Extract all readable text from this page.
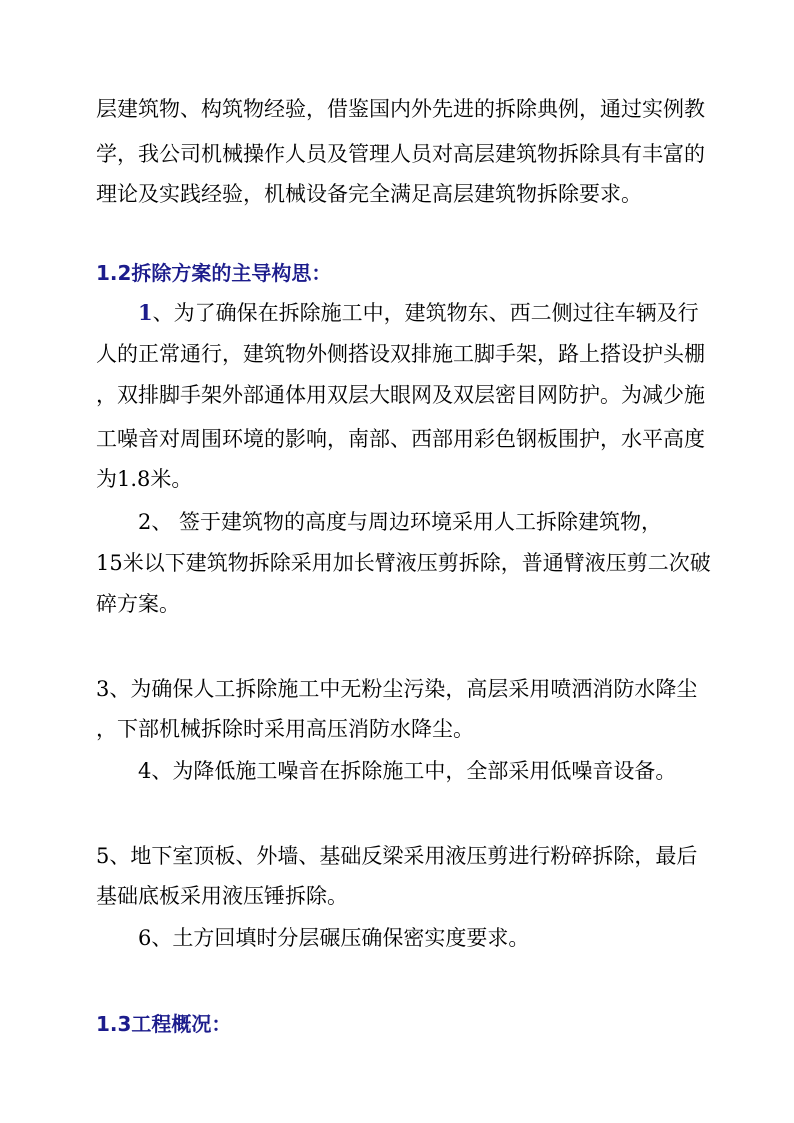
层建筑物、构筑物经验，借鉴国内外先进的拆除典例，通过实例教
学，我公司机械操作人员及管理人员对高层建筑物拆除具有丰富的
理论及实践经验，机械设备完全满足高层建筑物拆除要求。
1.2拆除方案的主导构思：
1、为了确保在拆除施工中，建筑物东、西二侧过往车辆及行
人的正常通行，建筑物外侧搭设双排施工脚手架，路上搭设护头棚
，双排脚手架外部通体用双层大眼网及双层密目网防护。为减少施
工噪音对周围环境的影响，南部、西部用彩色钢板围护，水平高度
为1.8米。
2、 签于建筑物的高度与周边环境采用人工拆除建筑物，
15米以下建筑物拆除采用加长臂液压剪拆除，普通臂液压剪二次破
碎方案。
3、为确保人工拆除施工中无粉尘污染，高层采用喷洒消防水降尘
，下部机械拆除时采用高压消防水降尘。
4、为降低施工噪音在拆除施工中，全部采用低噪音设备。
5、地下室顶板、外墙、基础反梁采用液压剪进行粉碎拆除，最后
基础底板采用液压锤拆除。
6、土方回填时分层碾压确保密实度要求。
1.3工程概况：
